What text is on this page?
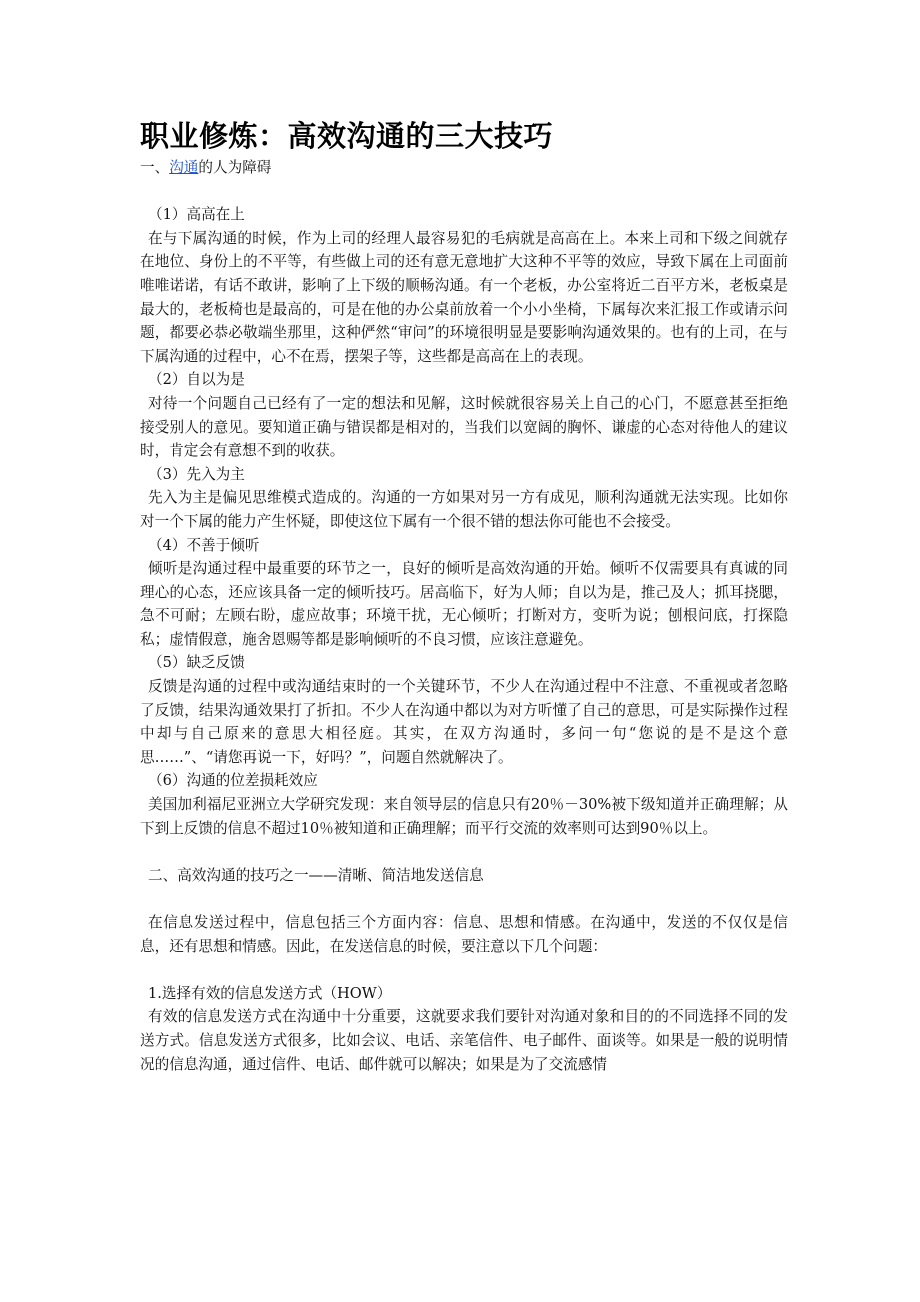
职业修炼：高效沟通的三大技巧

一、沟通的人为障碍

（1）高高在上

在与下属沟通的时候，作为上司的经理人最容易犯的毛病就是高高在上。本来上司和下级之间就存在地位、身份上的不平等，有些做上司的还有意无意地扩大这种不平等的效应，导致下属在上司面前唯唯诺诺，有话不敢讲，影响了上下级的顺畅沟通。有一个老板，办公室将近二百平方米，老板桌是最大的，老板椅也是最高的，可是在他的办公桌前放着一个小小坐椅，下属每次来汇报工作或请示问题，都要必恭必敬端坐那里，这种俨然“审问”的环境很明显是要影响沟通效果的。也有的上司，在与下属沟通的过程中，心不在焉，摆架子等，这些都是高高在上的表现。

（2）自以为是

对待一个问题自己已经有了一定的想法和见解，这时候就很容易关上自己的心门，不愿意甚至拒绝接受别人的意见。要知道正确与错误都是相对的，当我们以宽阔的胸怀、谦虚的心态对待他人的建议时，肯定会有意想不到的收获。

（3）先入为主

先入为主是偏见思维模式造成的。沟通的一方如果对另一方有成见，顺利沟通就无法实现。比如你对一个下属的能力产生怀疑，即使这位下属有一个很不错的想法你可能也不会接受。

（4）不善于倾听

倾听是沟通过程中最重要的环节之一，良好的倾听是高效沟通的开始。倾听不仅需要具有真诚的同理心的心态，还应该具备一定的倾听技巧。居高临下，好为人师；自以为是，推己及人；抓耳挠腮，急不可耐；左顾右盼，虚应故事；环境干扰，无心倾听；打断对方，变听为说；刨根问底，打探隐私；虚情假意，施舍恩赐等都是影响倾听的不良习惯，应该注意避免。

（5）缺乏反馈

反馈是沟通的过程中或沟通结束时的一个关键环节，不少人在沟通过程中不注意、不重视或者忽略了反馈，结果沟通效果打了折扣。不少人在沟通中都以为对方听懂了自己的意思，可是实际操作过程中却与自己原来的意思大相径庭。其实，在双方沟通时，多问一句“您说的是不是这个意思……”、“请您再说一下，好吗？”，问题自然就解决了。

（6）沟通的位差损耗效应

美国加利福尼亚洲立大学研究发现：来自领导层的信息只有20％－30%被下级知道并正确理解；从下到上反馈的信息不超过10％被知道和正确理解；而平行交流的效率则可达到90％以上。

二、高效沟通的技巧之一——清晰、简洁地发送信息

在信息发送过程中，信息包括三个方面内容：信息、思想和情感。在沟通中，发送的不仅仅是信息，还有思想和情感。因此，在发送信息的时候，要注意以下几个问题：

1.选择有效的信息发送方式（HOW）

有效的信息发送方式在沟通中十分重要，这就要求我们要针对沟通对象和目的的不同选择不同的发送方式。信息发送方式很多，比如会议、电话、亲笔信件、电子邮件、面谈等。如果是一般的说明情况的信息沟通，通过信件、电话、邮件就可以解决；如果是为了交流感情
